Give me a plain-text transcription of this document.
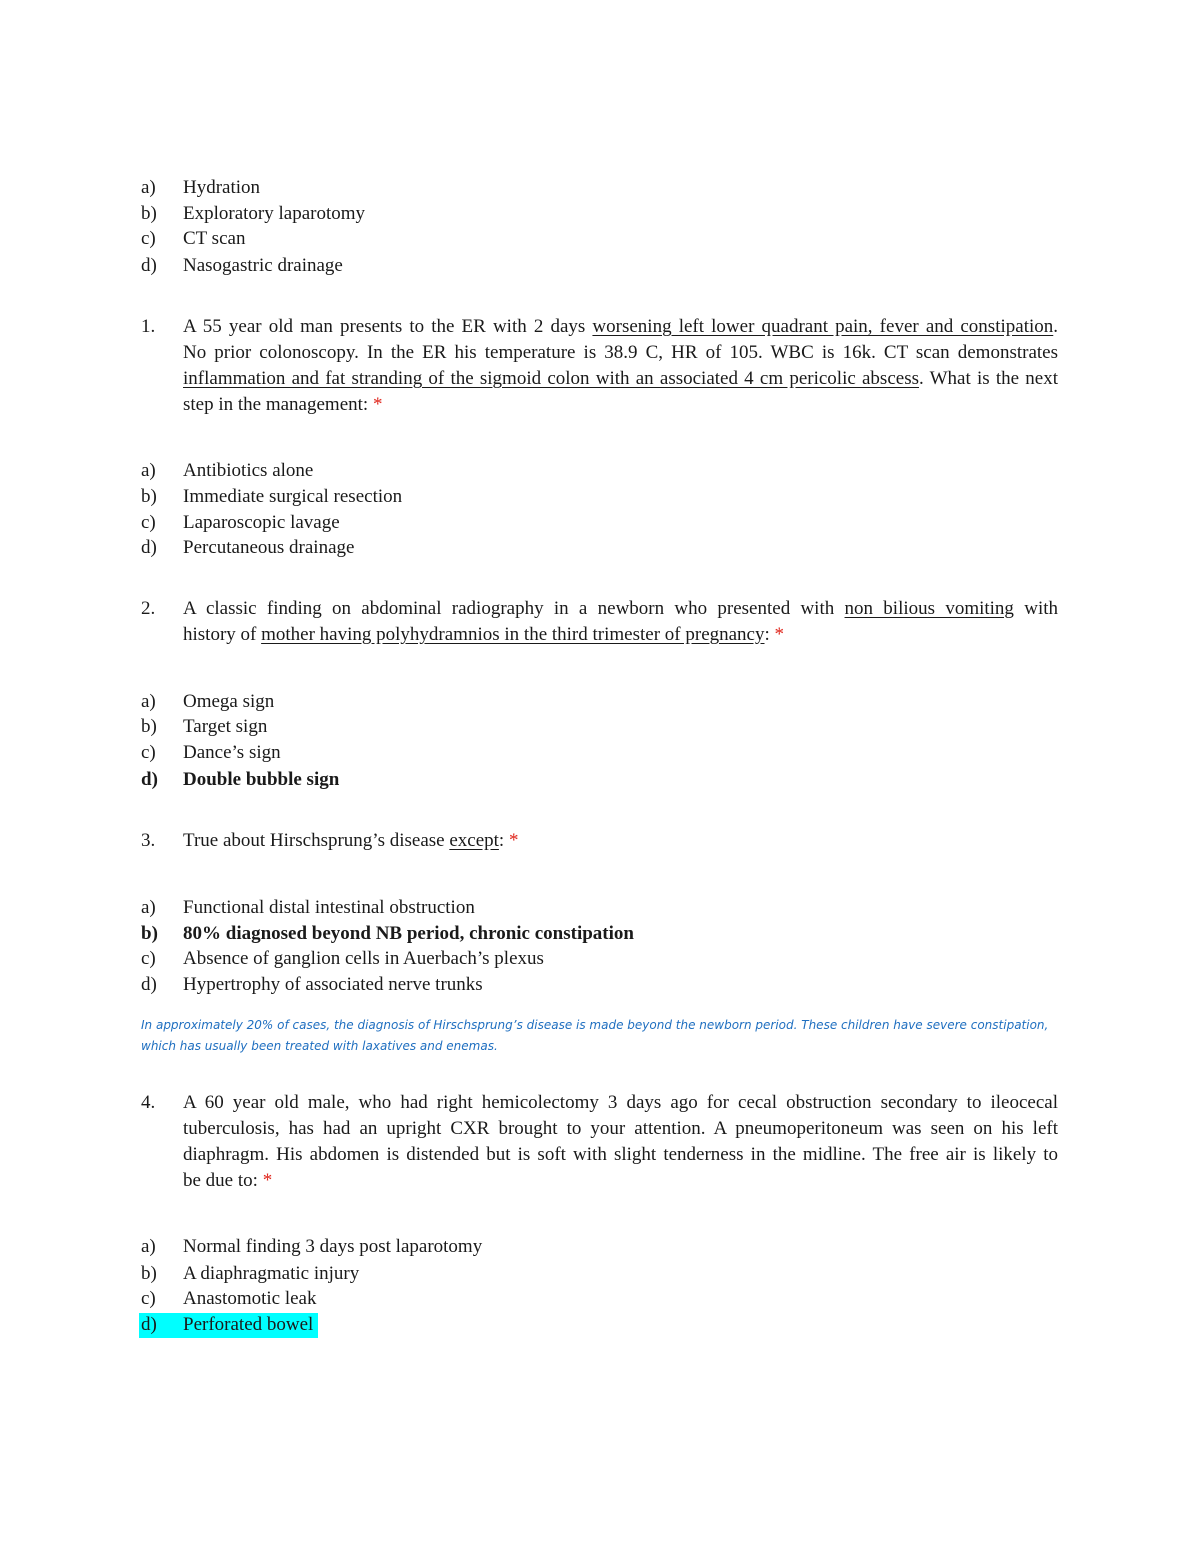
a) Hydration
b) Exploratory laparotomy
c) CT scan
d) Nasogastric drainage
1. A 55 year old man presents to the ER with 2 days worsening left lower quadrant pain, fever and constipation.
No prior colonoscopy. In the ER his temperature is 38.9 C, HR of 105. WBC is 16k. CT scan demonstrates
inflammation and fat stranding of the sigmoid colon with an associated 4 cm pericolic abscess. What is the next
step in the management: *
a) Antibiotics alone
b) Immediate surgical resection
c) Laparoscopic lavage
d) Percutaneous drainage
2. A classic finding on abdominal radiography in a newborn who presented with non bilious vomiting with
history of mother having polyhydramnios in the third trimester of pregnancy: *
a) Omega sign
b) Target sign
c) Dance’s sign
d) Double bubble sign
3. True about Hirschsprung’s disease except: *
a) Functional distal intestinal obstruction
b) 80% diagnosed beyond NB period, chronic constipation
c) Absence of ganglion cells in Auerbach’s plexus
d) Hypertrophy of associated nerve trunks
In approximately 20% of cases, the diagnosis of Hirschsprung’s disease is made beyond the newborn period. These children have severe constipation,
which has usually been treated with laxatives and enemas.
4. A 60 year old male, who had right hemicolectomy 3 days ago for cecal obstruction secondary to ileocecal
tuberculosis, has had an upright CXR brought to your attention. A pneumoperitoneum was seen on his left
diaphragm. His abdomen is distended but is soft with slight tenderness in the midline. The free air is likely to
be due to: *
a) Normal finding 3 days post laparotomy
b) A diaphragmatic injury
c) Anastomotic leak
d) Perforated bowel
